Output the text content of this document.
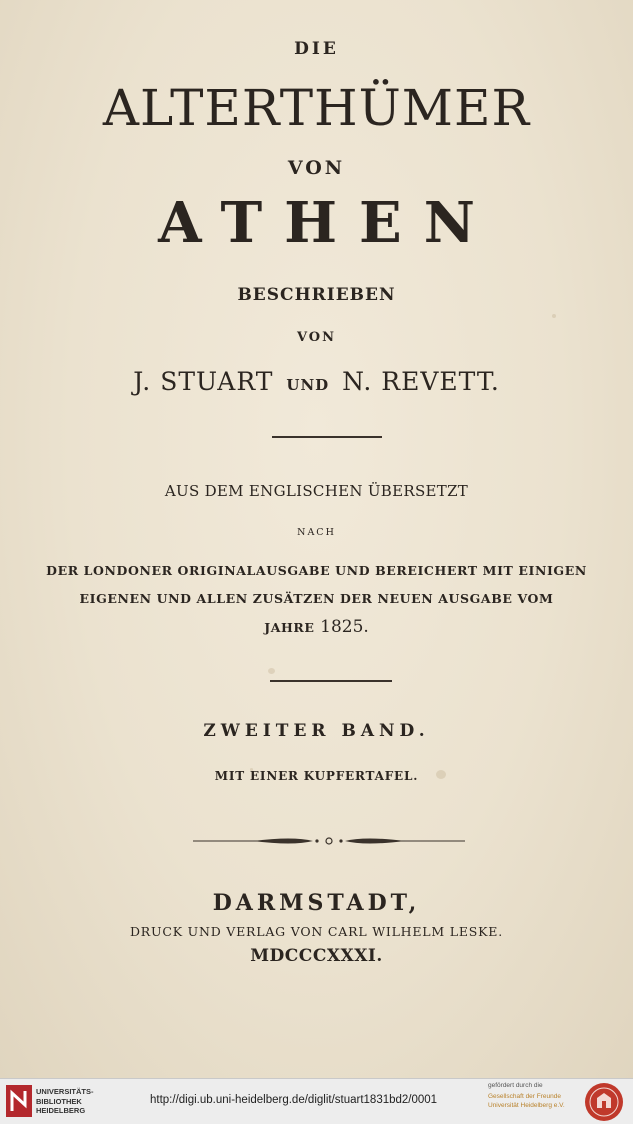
DIE
ALTERTHÜMER
VON
ATHEN
BESCHRIEBEN
VON
J. STUART UND N. REVETT.
AUS DEM ENGLISCHEN ÜBERSETZT
NACH
DER LONDONER ORIGINALAUSGABE UND BEREICHERT MIT EINIGEN
EIGENEN UND ALLEN ZUSÄTZEN DER NEUEN AUSGABE VOM
JAHRE 1825.
ZWEITER BAND.
MIT EINER KUPFERTAFEL.
DARMSTADT,
DRUCK UND VERLAG VON CARL WILHELM LESKE.
MDCCCXXXI.
UNIVERSITÄTS-
BIBLIOTHEK
HEIDELBERG
http://digi.ub.uni-heidelberg.de/diglit/stuart1831bd2/0001
gefördert durch die
Gesellschaft der Freunde
Universität Heidelberg e.V.
